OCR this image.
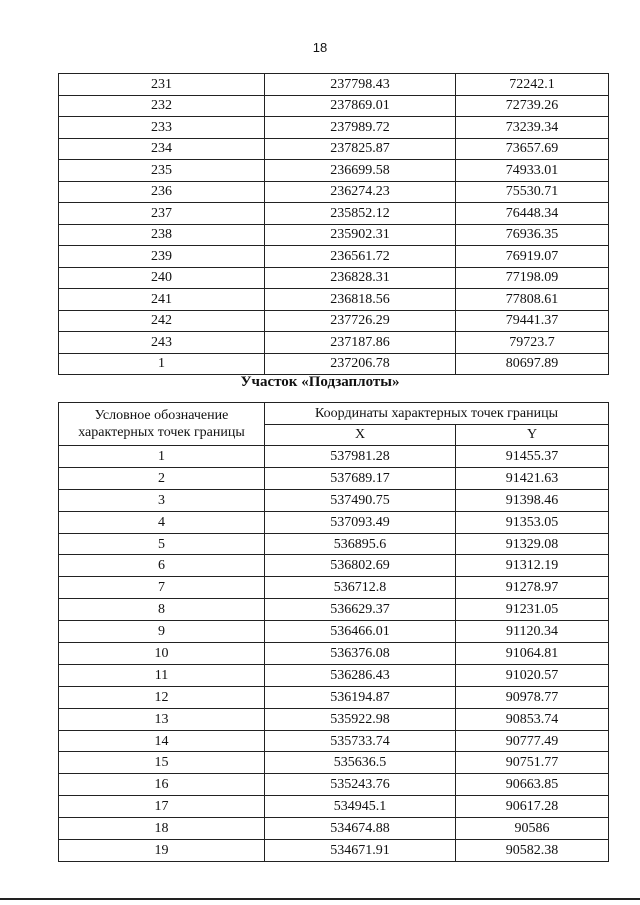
18
231	237798.43	72242.1
232	237869.01	72739.26
233	237989.72	73239.34
234	237825.87	73657.69
235	236699.58	74933.01
236	236274.23	75530.71
237	235852.12	76448.34
238	235902.31	76936.35
239	236561.72	76919.07
240	236828.31	77198.09
241	236818.56	77808.61
242	237726.29	79441.37
243	237187.86	79723.7
1	237206.78	80697.89
Участок «Подзаплоты»
Условное обозначение характерных точек границы	Координаты характерных точек границы	
	X	Y
1	537981.28	91455.37
2	537689.17	91421.63
3	537490.75	91398.46
4	537093.49	91353.05
5	536895.6	91329.08
6	536802.69	91312.19
7	536712.8	91278.97
8	536629.37	91231.05
9	536466.01	91120.34
10	536376.08	91064.81
11	536286.43	91020.57
12	536194.87	90978.77
13	535922.98	90853.74
14	535733.74	90777.49
15	535636.5	90751.77
16	535243.76	90663.85
17	534945.1	90617.28
18	534674.88	90586
19	534671.91	90582.38
